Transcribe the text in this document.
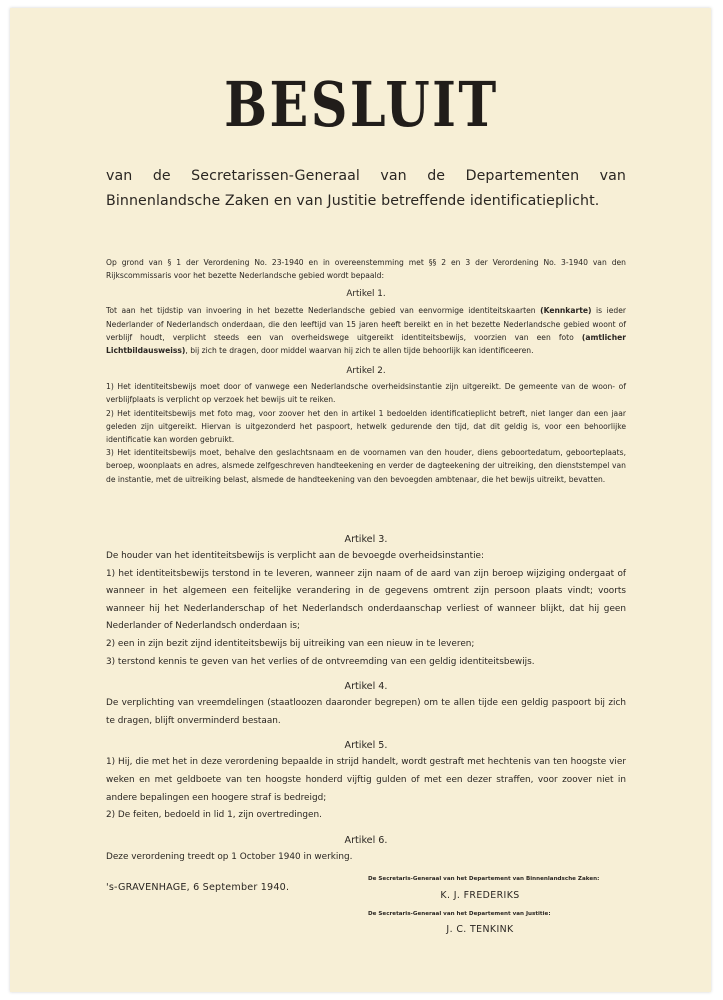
BESLUIT
van de Secretarissen-Generaal van de Departementen van Binnenlandsche Zaken en van Justitie betreffende identificatieplicht.

Op grond van § 1 der Verordening No. 23-1940 en in overeenstemming met §§ 2 en 3 der Verordening No. 3-1940 van den Rijkscommissaris voor het bezette Nederlandsche gebied wordt bepaald:

Artikel 1.

Tot aan het tijdstip van invoering in het bezette Nederlandsche gebied van eenvormige identiteitskaarten (Kennkarte) is ieder Nederlander of Nederlandsch onderdaan, die den leeftijd van 15 jaren heeft bereikt en in het bezette Nederlandsche gebied woont of verblijf houdt, verplicht steeds een van overheidswege uitgereikt identiteitsbewijs, voorzien van een foto (amtlicher Lichtbildausweiss), bij zich te dragen, door middel waarvan hij zich te allen tijde behoorlijk kan identificeeren.

Artikel 2.

1) Het identiteitsbewijs moet door of vanwege een Nederlandsche overheidsinstantie zijn uitgereikt. De gemeente van de woon- of verblijfplaats is verplicht op verzoek het bewijs uit te reiken.

2) Het identiteitsbewijs met foto mag, voor zoover het den in artikel 1 bedoelden identificatieplicht betreft, niet langer dan een jaar geleden zijn uitgereikt. Hiervan is uitgezonderd het paspoort, hetwelk gedurende den tijd, dat dit geldig is, voor een behoorlijke identificatie kan worden gebruikt.

3) Het identiteitsbewijs moet, behalve den geslachtsnaam en de voornamen van den houder, diens geboortedatum, geboorteplaats, beroep, woonplaats en adres, alsmede zelfgeschreven handteekening en verder de dagteekening der uitreiking, den dienststempel van de instantie, met de uitreiking belast, alsmede de handteekening van den bevoegden ambtenaar, die het bewijs uitreikt, bevatten.

Artikel 3.

De houder van het identiteitsbewijs is verplicht aan de bevoegde overheidsinstantie:

1) het identiteitsbewijs terstond in te leveren, wanneer zijn naam of de aard van zijn beroep wijziging ondergaat of wanneer in het algemeen een feitelijke verandering in de gegevens omtrent zijn persoon plaats vindt; voorts wanneer hij het Nederlanderschap of het Nederlandsch onderdaanschap verliest of wanneer blijkt, dat hij geen Nederlander of Nederlandsch onderdaan is;

2) een in zijn bezit zijnd identiteitsbewijs bij uitreiking van een nieuw in te leveren;

3) terstond kennis te geven van het verlies of de ontvreemding van een geldig identiteitsbewijs.

Artikel 4.

De verplichting van vreemdelingen (staatloozen daaronder begrepen) om te allen tijde een geldig paspoort bij zich te dragen, blijft onverminderd bestaan.

Artikel 5.

1) Hij, die met het in deze verordening bepaalde in strijd handelt, wordt gestraft met hechtenis van ten hoogste vier weken en met geldboete van ten hoogste honderd vijftig gulden of met een dezer straffen, voor zoover niet in andere bepalingen een hoogere straf is bedreigd;

2) De feiten, bedoeld in lid 1, zijn overtredingen.

Artikel 6.

Deze verordening treedt op 1 October 1940 in werking.

's-GRAVENHAGE, 6 September 1940.
De Secretaris-Generaal van het Departement van Binnenlandsche Zaken:
K. J. FREDERIKS
De Secretaris-Generaal van het Departement van Justitie:
J. C. TENKINK
